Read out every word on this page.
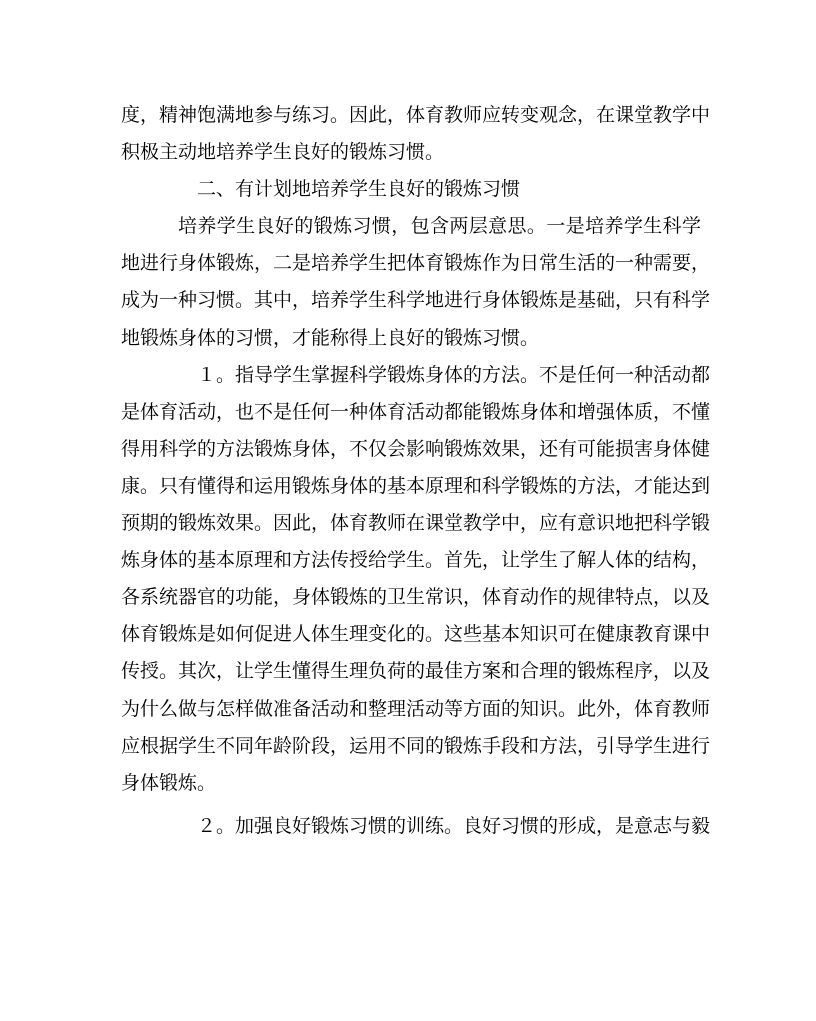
度，精神饱满地参与练习。因此，体育教师应转变观念，在课堂教学中
积极主动地培养学生良好的锻炼习惯。

二、有计划地培养学生良好的锻炼习惯

培养学生良好的锻炼习惯，包含两层意思。一是培养学生科学
地进行身体锻炼，二是培养学生把体育锻炼作为日常生活的一种需要，
成为一种习惯。其中，培养学生科学地进行身体锻炼是基础，只有科学
地锻炼身体的习惯，才能称得上良好的锻炼习惯。

１。指导学生掌握科学锻炼身体的方法。不是任何一种活动都
是体育活动，也不是任何一种体育活动都能锻炼身体和增强体质，不懂
得用科学的方法锻炼身体，不仅会影响锻炼效果，还有可能损害身体健
康。只有懂得和运用锻炼身体的基本原理和科学锻炼的方法，才能达到
预期的锻炼效果。因此，体育教师在课堂教学中，应有意识地把科学锻
炼身体的基本原理和方法传授给学生。首先，让学生了解人体的结构，
各系统器官的功能，身体锻炼的卫生常识，体育动作的规律特点，以及
体育锻炼是如何促进人体生理变化的。这些基本知识可在健康教育课中
传授。其次，让学生懂得生理负荷的最佳方案和合理的锻炼程序，以及
为什么做与怎样做准备活动和整理活动等方面的知识。此外，体育教师
应根据学生不同年龄阶段，运用不同的锻炼手段和方法，引导学生进行
身体锻炼。

２。加强良好锻炼习惯的训练。良好习惯的形成，是意志与毅
